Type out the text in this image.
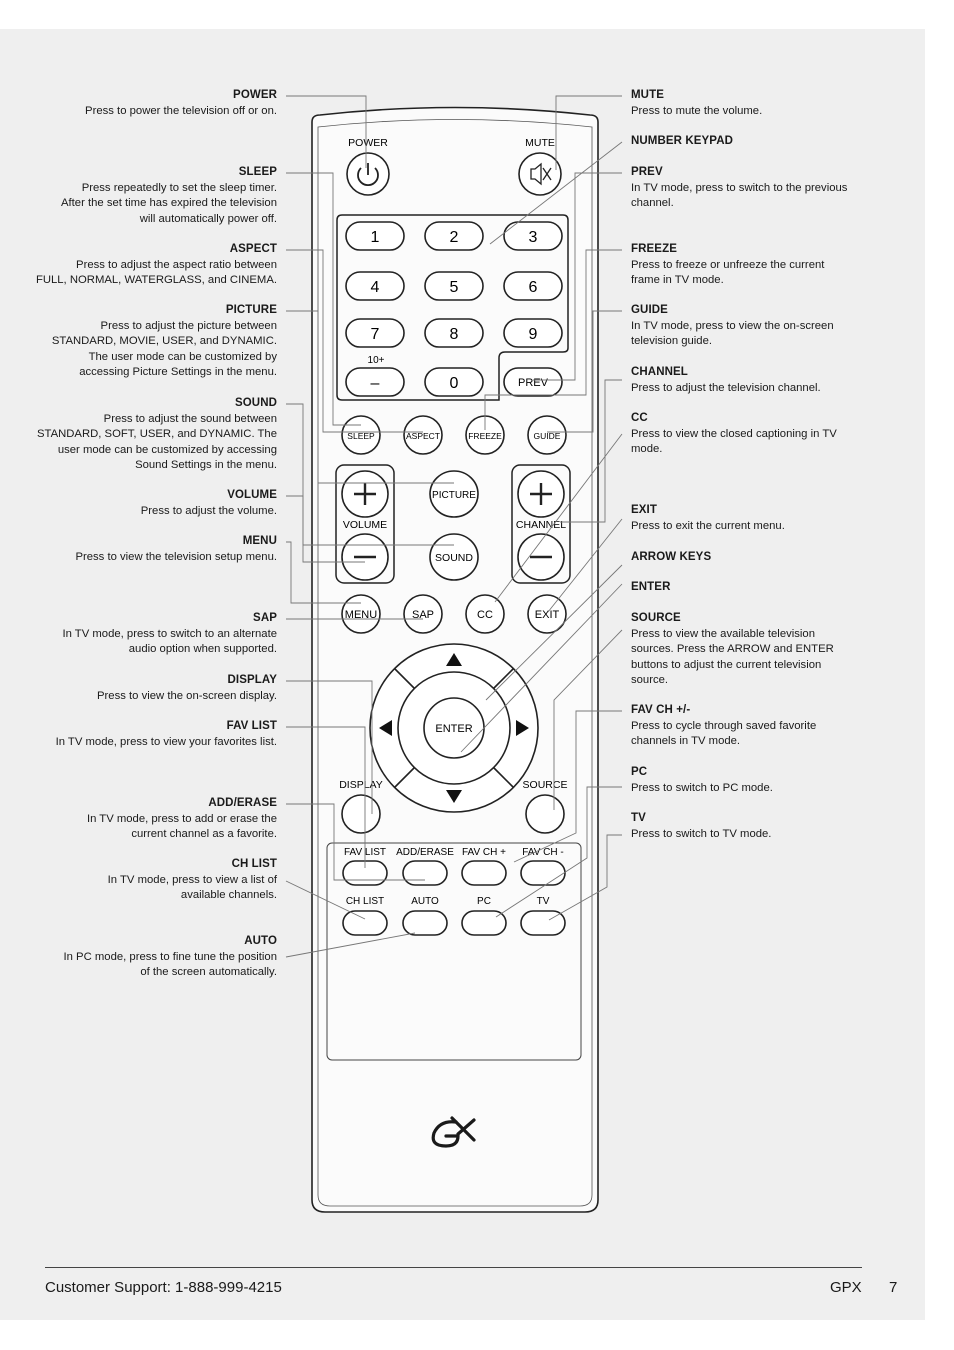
POWER	MUTE
1	2	3
4	5	6
7	8	9
–	0	PREV
10+
SLEEP	ASPECT	FREEZE	GUIDE
VOLUME	CHANNEL
PICTURE
SOUND
MENU	SAP	CC	EXIT
ENTER
DISPLAY	SOURCE
FAV LIST ADD/ERASE FAV CH + FAV CH -
CH LIST	AUTO	PC	TV
POWER
Press to power the television off or on.
SLEEP
Press repeatedly to set the sleep timer.
After the set time has expired the television
will automatically power off.
ASPECT
Press to adjust the aspect ratio between
FULL, NORMAL, WATERGLASS, and CINEMA.
PICTURE
Press to adjust the picture between
STANDARD, MOVIE, USER, and DYNAMIC.
The user mode can be customized by
accessing Picture Settings in the menu.
SOUND
Press to adjust the sound between
STANDARD, SOFT, USER, and DYNAMIC. The
user mode can be customized by accessing
Sound Settings in the menu.
VOLUME
Press to adjust the volume.
MENU
Press to view the television setup menu.
SAP
In TV mode, press to switch to an alternate
audio option when supported.
DISPLAY
Press to view the on-screen display.
FAV LIST
In TV mode, press to view your favorites list.
ADD/ERASE
In TV mode, press to add or erase the
current channel as a favorite.
CH LIST
In TV mode, press to view a list of
available channels.
AUTO
In PC mode, press to fine tune the position
of the screen automatically.
MUTE
Press to mute the volume.
NUMBER KEYPAD
PREV
In TV mode, press to switch to the previous
channel.
FREEZE
Press to freeze or unfreeze the current
frame in TV mode.
GUIDE
In TV mode, press to view the on-screen
television guide.
CHANNEL
Press to adjust the television channel.
CC
Press to view the closed captioning in TV
mode.
EXIT
Press to exit the current menu.
ARROW KEYS
ENTER
SOURCE
Press to view the available television
sources. Press the ARROW and ENTER
buttons to adjust the current television
source.
FAV CH +/-
Press to cycle through saved favorite
channels in TV mode.
PC
Press to switch to PC mode.
TV
Press to switch to TV mode.
Customer Support: 1-888-999-4215	GPX 7
